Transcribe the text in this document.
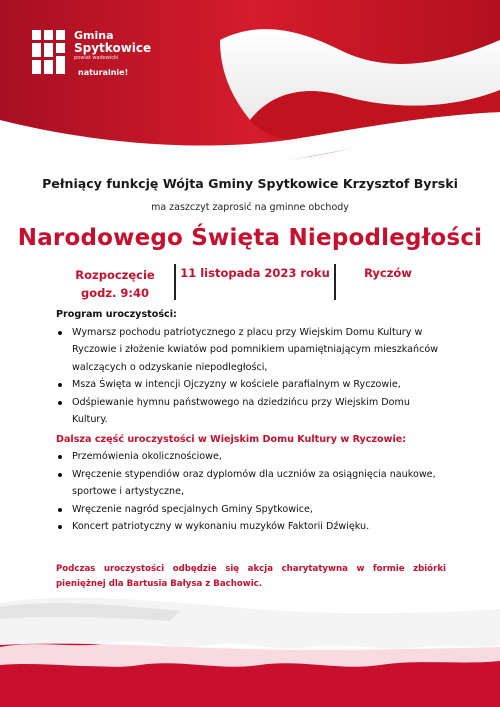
Gmina
Spytkowice
powiat wadowicki
naturalnie!
Pełniący funkcję Wójta Gminy Spytkowice Krzysztof Byrski
ma zaszczyt zaprosić na gminne obchody
Narodowego Święta Niepodległości
Rozpoczęcie
godz. 9:40
11 listopada 2023 roku	Ryczów
Program uroczystości:
Wymarsz pochodu patriotycznego z placu przy Wiejskim Domu Kultury w Ryczowie i złożenie kwiatów pod pomnikiem upamiętniającym mieszkańców walczących o odzyskanie niepodległości,
Msza Święta w intencji Ojczyzny w kościele parafialnym w Ryczowie,
Odśpiewanie hymnu państwowego na dziedzińcu przy Wiejskim Domu Kultury.
Dalsza część uroczystości w Wiejskim Domu Kultury w Ryczowie:
Przemówienia okolicznościowe,
Wręczenie stypendiów oraz dyplomów dla uczniów za osiągnięcia naukowe, sportowe i artystyczne,
Wręczenie nagród specjalnych Gminy Spytkowice,
Koncert patriotyczny w wykonaniu muzyków Faktorii Dźwięku.
Podczas uroczystości odbędzie się akcja charytatywna w formie zbiórki pieniężnej dla Bartusia Bałysa z Bachowic.
